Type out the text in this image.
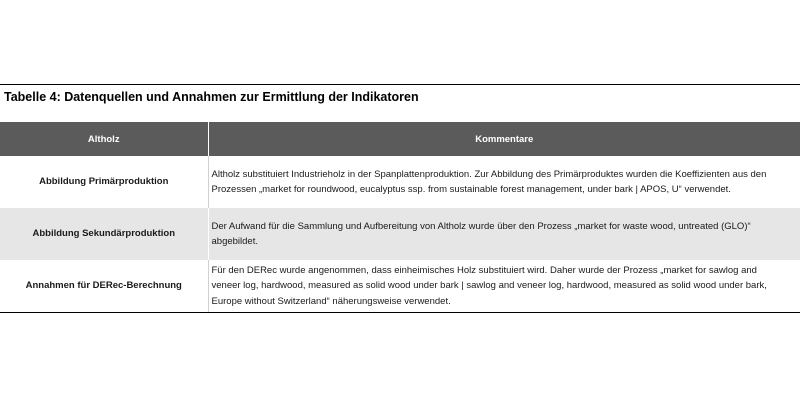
Tabelle 4: Datenquellen und Annahmen zur Ermittlung der Indikatoren
Altholz	Kommentare
Abbildung Primärproduktion	Altholz substituiert Industrieholz in der Spanplattenproduktion. Zur Abbildung des Primärproduktes wurden die Koeffizienten aus den Prozessen „market for roundwood, eucalyptus ssp. from sustainable forest management, under bark | APOS, U“ verwendet.
Abbildung Sekundärproduktion	Der Aufwand für die Sammlung und Aufbereitung von Altholz wurde über den Prozess „market for waste wood, untreated (GLO)“ abgebildet.
Annahmen für DERec-Berechnung	Für den DERec wurde angenommen, dass einheimisches Holz substituiert wird. Daher wurde der Prozess „market for sawlog and veneer log, hardwood, measured as solid wood under bark | sawlog and veneer log, hardwood, measured as solid wood under bark, Europe without Switzerland“ näherungsweise verwendet.
